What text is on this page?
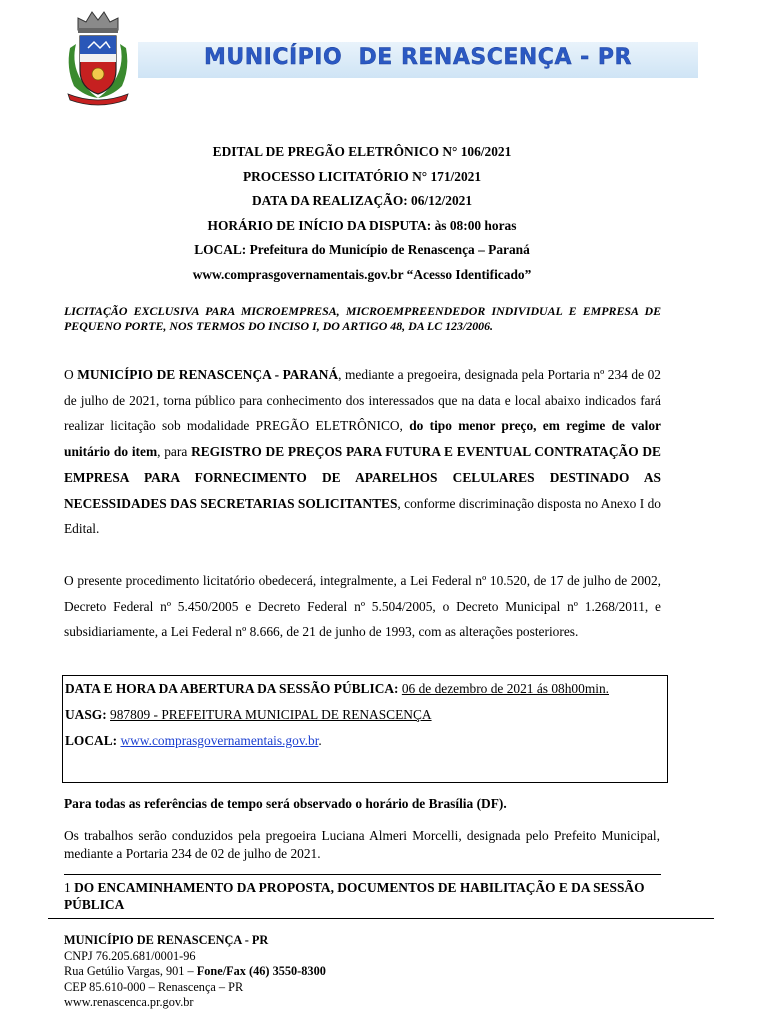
MUNICÍPIO  DE RENASCENÇA - PR
EDITAL DE PREGÃO ELETRÔNICO N° 106/2021
PROCESSO LICITATÓRIO N° 171/2021
DATA DA REALIZAÇÃO: 06/12/2021
HORÁRIO DE INÍCIO DA DISPUTA: às 08:00 horas
LOCAL: Prefeitura do Município de Renascença – Paraná
www.comprasgovernamentais.gov.br “Acesso Identificado”
LICITAÇÃO EXCLUSIVA PARA MICROEMPRESA, MICROEMPREENDEDOR INDIVIDUAL E EMPRESA DE PEQUENO PORTE, NOS TERMOS DO INCISO I, DO ARTIGO 48, DA LC 123/2006.
O MUNICÍPIO DE RENASCENÇA - PARANÁ, mediante a pregoeira, designada pela Portaria nº 234 de 02 de julho de 2021, torna público para conhecimento dos interessados que na data e local abaixo indicados fará realizar licitação sob modalidade PREGÃO ELETRÔNICO, do tipo menor preço, em regime de valor unitário do item, para REGISTRO DE PREÇOS PARA FUTURA E EVENTUAL CONTRATAÇÃO DE EMPRESA PARA FORNECIMENTO DE APARELHOS CELULARES DESTINADO AS NECESSIDADES DAS SECRETARIAS SOLICITANTES, conforme discriminação disposta no Anexo I do Edital.
O presente procedimento licitatório obedecerá, integralmente, a Lei Federal nº 10.520, de 17 de julho de 2002, Decreto Federal nº 5.450/2005 e Decreto Federal nº 5.504/2005, o Decreto Municipal nº 1.268/2011, e subsidiariamente, a Lei Federal nº 8.666, de 21 de junho de 1993, com as alterações posteriores.
DATA E HORA DA ABERTURA DA SESSÃO PÚBLICA: 06 de dezembro de 2021 ás 08h00min.
UASG: 987809 - PREFEITURA MUNICIPAL DE RENASCENÇA
LOCAL: www.comprasgovernamentais.gov.br.
Para todas as referências de tempo será observado o horário de Brasília (DF).
Os trabalhos serão conduzidos pela pregoeira Luciana Almeri Morcelli, designada pelo Prefeito Municipal, mediante a Portaria 234 de 02 de julho de 2021.
1 DO ENCAMINHAMENTO DA PROPOSTA, DOCUMENTOS DE HABILITAÇÃO E DA SESSÃO PÚBLICA
MUNICÍPIO DE RENASCENÇA - PR
CNPJ 76.205.681/0001-96
Rua Getúlio Vargas, 901 – Fone/Fax (46) 3550-8300
CEP 85.610-000 – Renascença – PR
www.renascenca.pr.gov.br
